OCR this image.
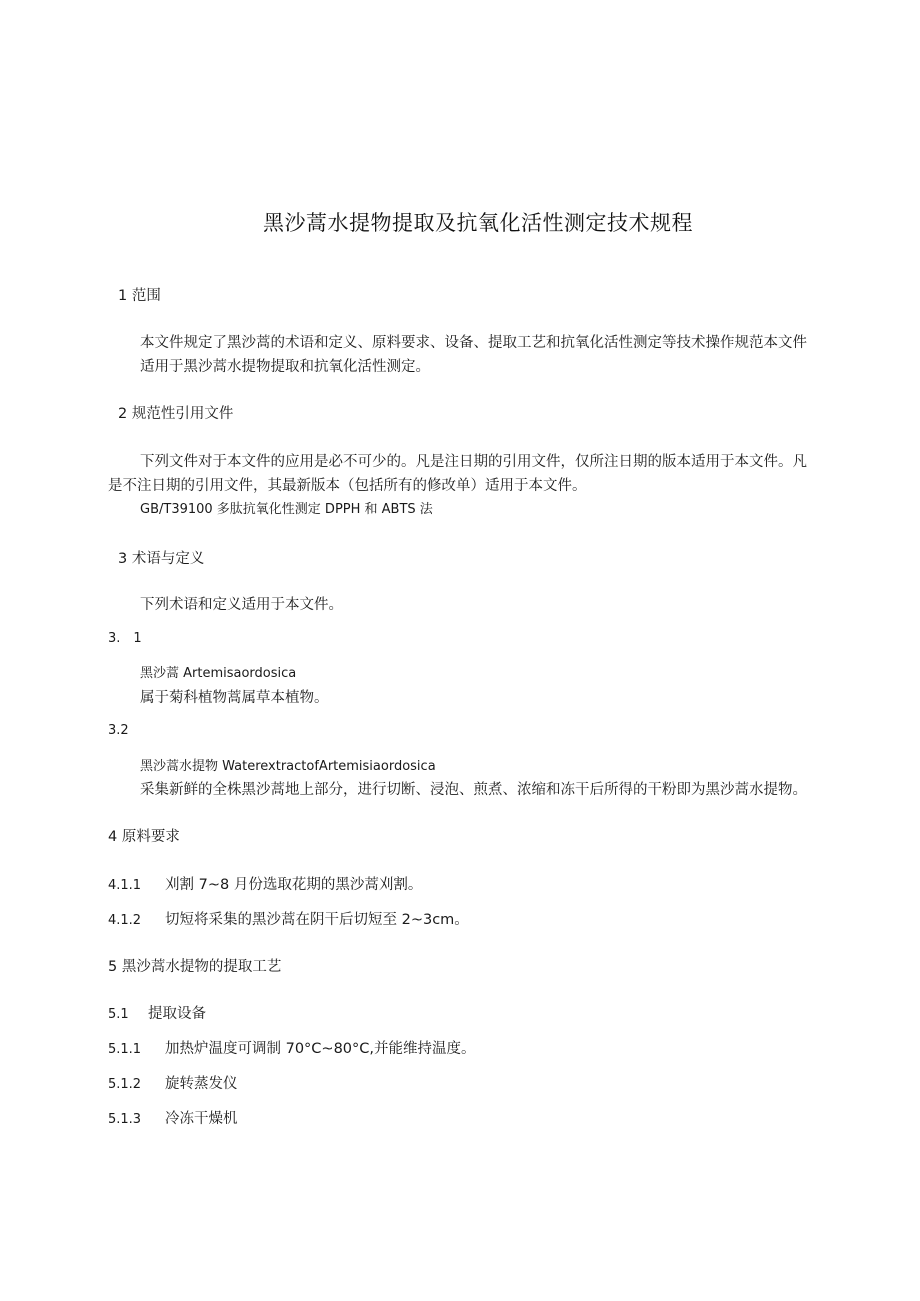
黑沙蒿水提物提取及抗氧化活性测定技术规程
1 范围
本文件规定了黑沙蒿的术语和定义、原料要求、设备、提取工艺和抗氧化活性测定等技术操作规范本文件
适用于黑沙蒿水提物提取和抗氧化活性测定。
2 规范性引用文件
下列文件对于本文件的应用是必不可少的。凡是注日期的引用文件，仅所注日期的版本适用于本文件。凡
是不注日期的引用文件，其最新版本（包括所有的修改单）适用于本文件。
GB/T39100 多肽抗氧化性测定 DPPH 和 ABTS 法
3 术语与定义
下列术语和定义适用于本文件。
3.　1
黑沙蒿 Artemisaordosica
属于菊科植物蒿属草本植物。
3.2
黑沙蒿水提物 WaterextractofArtemisiaordosica
采集新鲜的全株黑沙蒿地上部分，进行切断、浸泡、煎煮、浓缩和冻干后所得的干粉即为黑沙蒿水提物。
4 原料要求
4.1.1 刈割 7~8 月份选取花期的黑沙蒿刈割。
4.1.2 切短将采集的黑沙蒿在阴干后切短至 2~3cm。
5 黑沙蒿水提物的提取工艺
5.1 提取设备
5.1.1 加热炉温度可调制 70°C~80°C,并能维持温度。
5.1.2 旋转蒸发仪
5.1.3 冷冻干燥机
